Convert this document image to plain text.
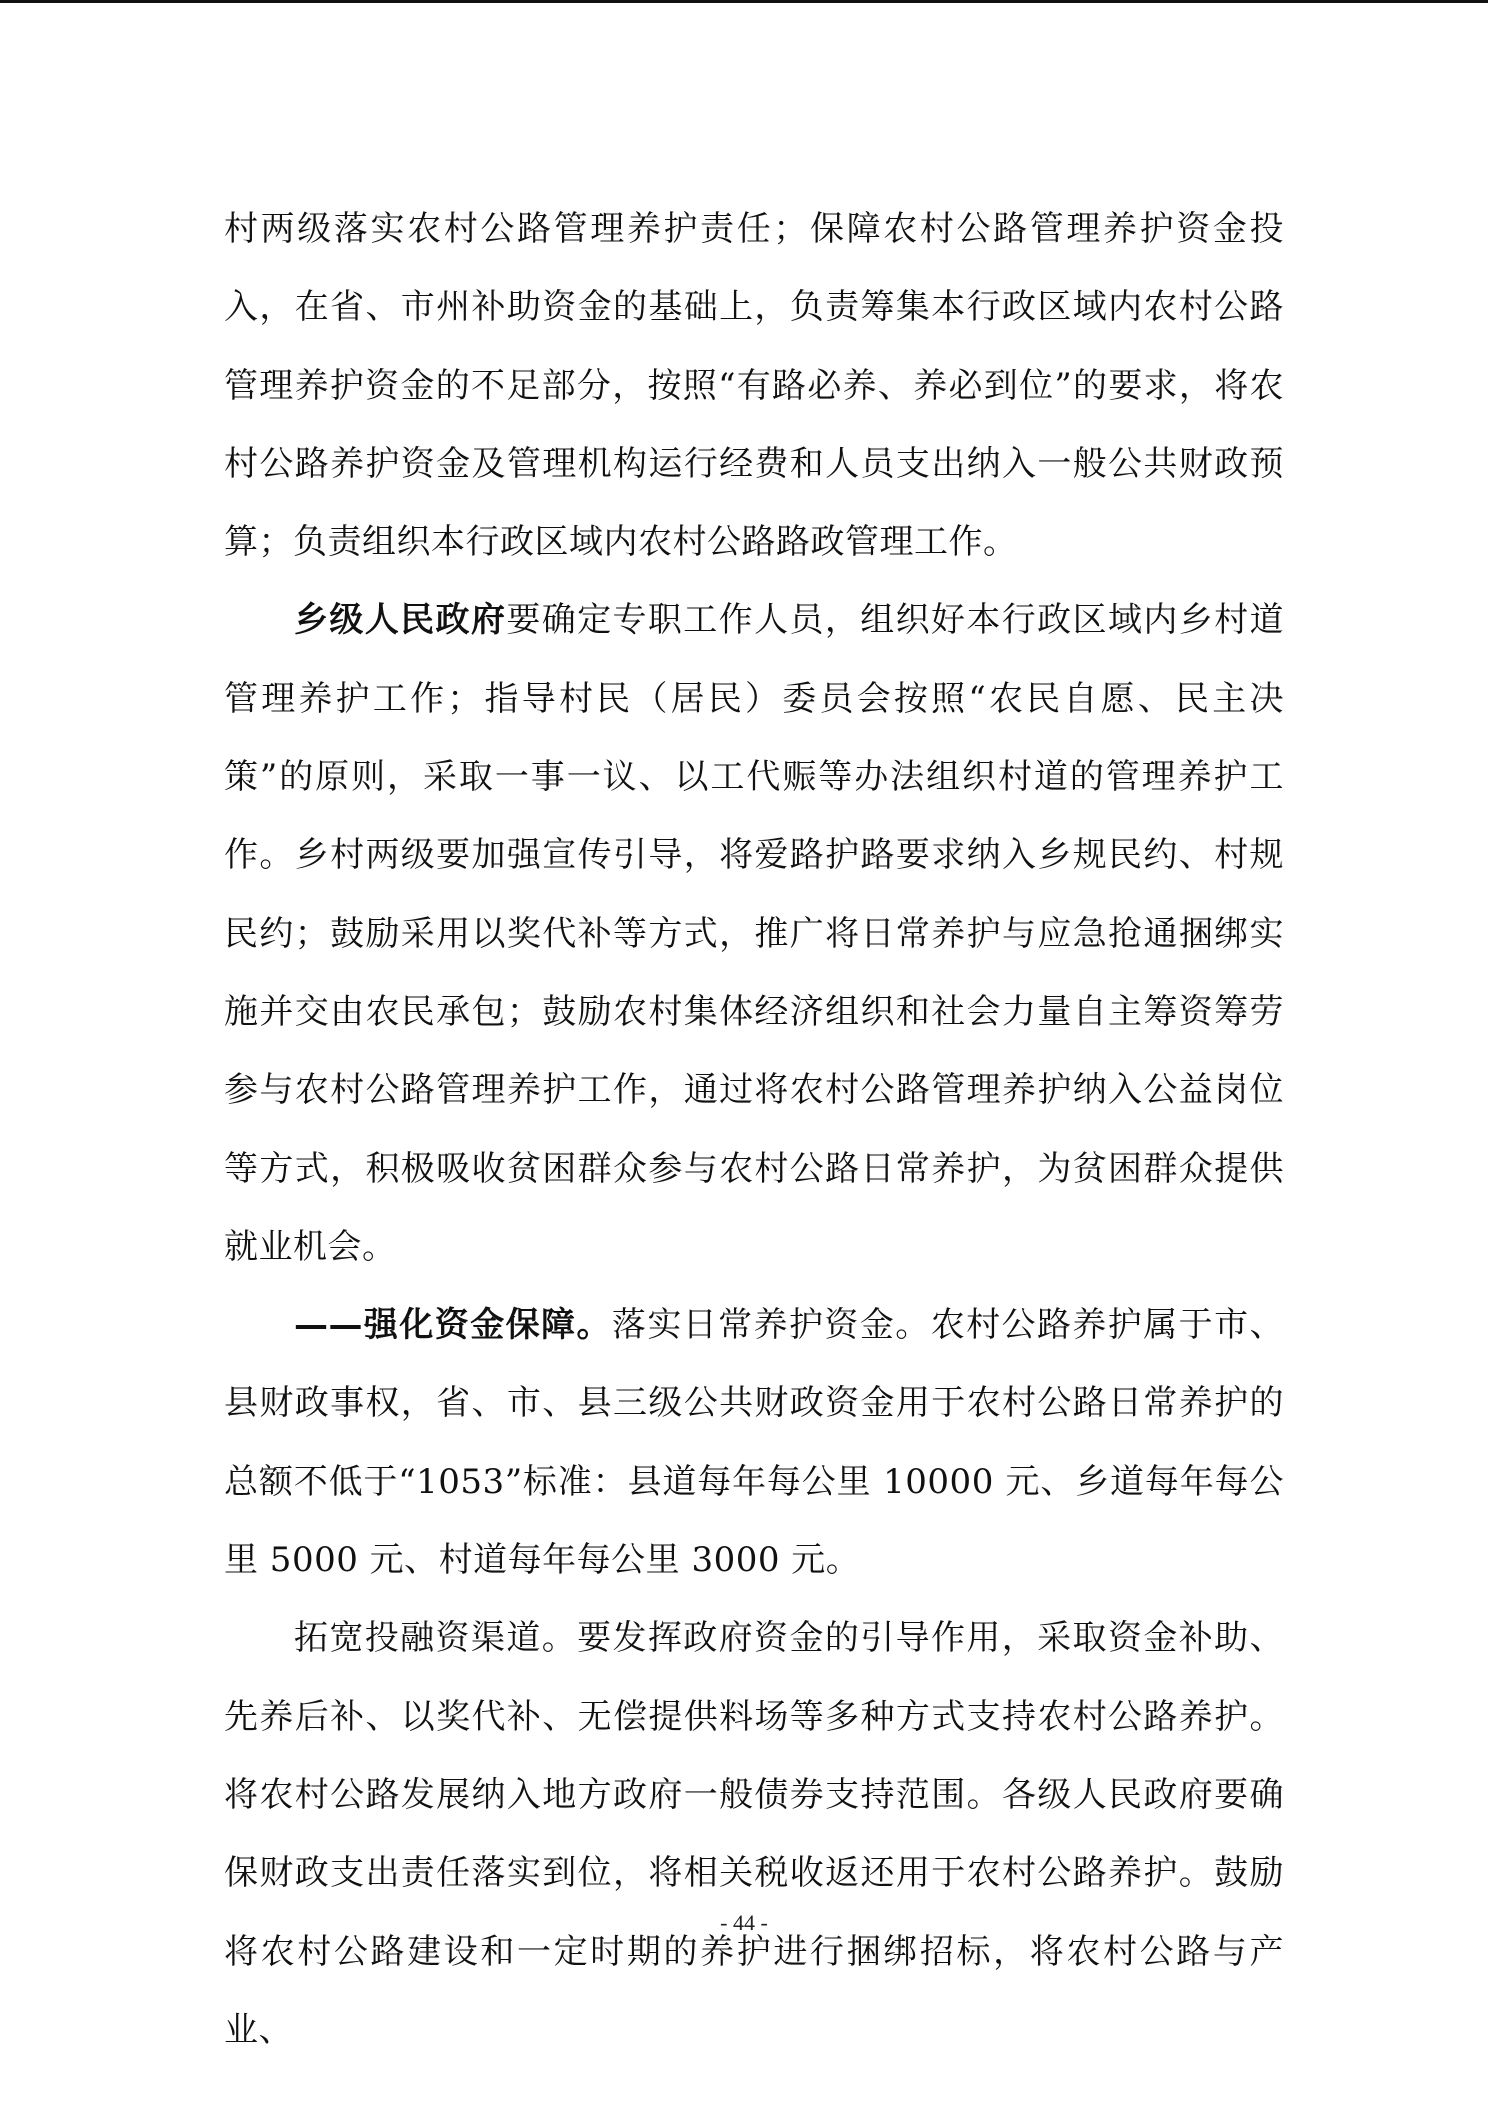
村两级落实农村公路管理养护责任；保障农村公路管理养护资金投入，在省、市州补助资金的基础上，负责筹集本行政区域内农村公路管理养护资金的不足部分，按照“有路必养、养必到位”的要求，将农村公路养护资金及管理机构运行经费和人员支出纳入一般公共财政预算；负责组织本行政区域内农村公路路政管理工作。

乡级人民政府要确定专职工作人员，组织好本行政区域内乡村道管理养护工作；指导村民（居民）委员会按照“农民自愿、民主决策”的原则，采取一事一议、以工代赈等办法组织村道的管理养护工作。乡村两级要加强宣传引导，将爱路护路要求纳入乡规民约、村规民约；鼓励采用以奖代补等方式，推广将日常养护与应急抢通捆绑实施并交由农民承包；鼓励农村集体经济组织和社会力量自主筹资筹劳参与农村公路管理养护工作，通过将农村公路管理养护纳入公益岗位等方式，积极吸收贫困群众参与农村公路日常养护，为贫困群众提供就业机会。

——强化资金保障。落实日常养护资金。农村公路养护属于市、县财政事权，省、市、县三级公共财政资金用于农村公路日常养护的总额不低于“1053”标准：县道每年每公里 10000 元、乡道每年每公里 5000 元、村道每年每公里 3000 元。

拓宽投融资渠道。要发挥政府资金的引导作用，采取资金补助、先养后补、以奖代补、无偿提供料场等多种方式支持农村公路养护。将农村公路发展纳入地方政府一般债券支持范围。各级人民政府要确保财政支出责任落实到位，将相关税收返还用于农村公路养护。鼓励将农村公路建设和一定时期的养护进行捆绑招标，将农村公路与产业、

- 44 -
